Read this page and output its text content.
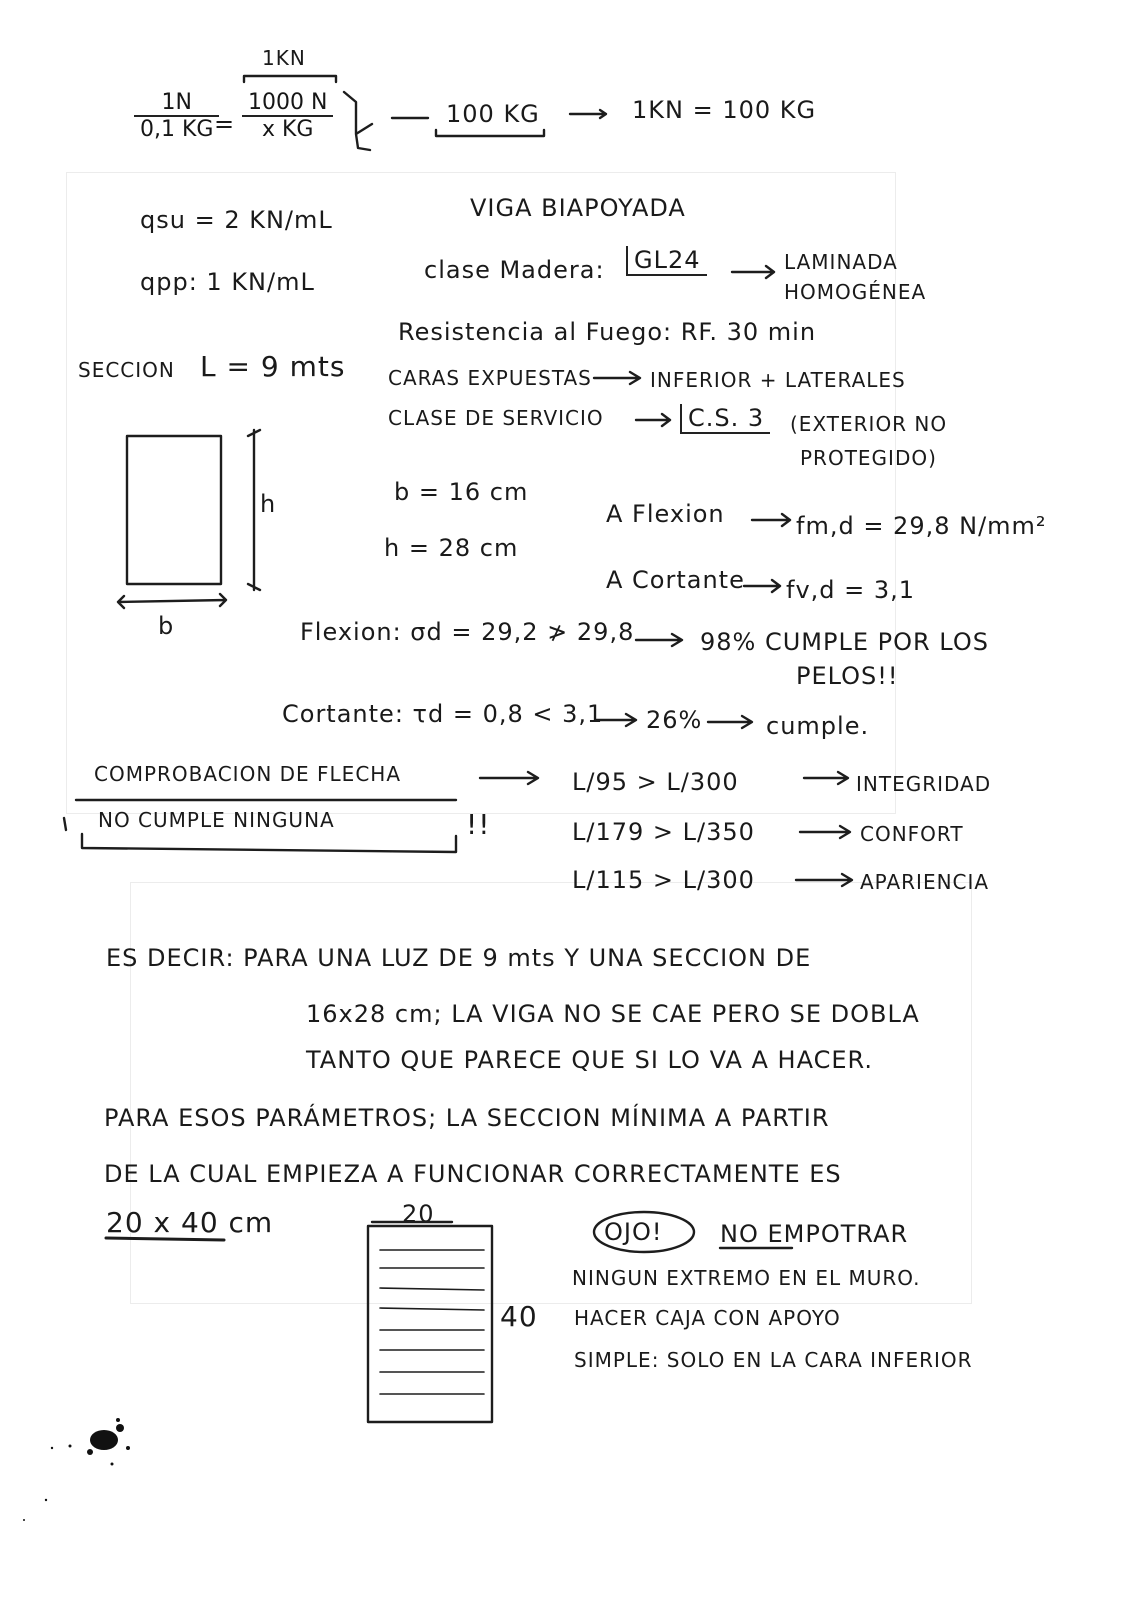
$\frac{1N}{0,1 KG}$
=
1KN
$\frac{1000 N}{\text{x KG}}$	100 KG	1KN = 100 KG
qsu = 2 KN/mL
qpp: 1 KN/mL
VIGA BIAPOYADA
clase Madera:	GL24	LAMINADA
HOMOGÉNEA
Resistencia al Fuego: RF. 30 min
CARAS EXPUESTAS	INFERIOR + LATERALES
CLASE DE SERVICIO	C.S. 3	(EXTERIOR NO
PROTEGIDO)
SECCION L = 9 mts
h
b
b = 16 cm
h = 28 cm
A Flexion	fm,d = 29,8 N/mm²
A Cortante fv,d = 3,1
Flexion: σd = 29,2 ≯ 29,8	98% CUMPLE POR LOS
PELOS!!
Cortante: τd = 0,8 < 3,1 26%	cumple.
COMPROBACION DE FLECHA	L/95 > L/300	INTEGRIDAD
L/179 > L/350	CONFORT
L/115 > L/300	APARIENCIA
NO CUMPLE NINGUNA	!!
ES DECIR: PARA UNA LUZ DE 9 mts Y UNA SECCION DE
16x28 cm; LA VIGA NO SE CAE PERO SE DOBLA
TANTO QUE PARECE QUE SI LO VA A HACER.
PARA ESOS PARÁMETROS; LA SECCION MÍNIMA A PARTIR
DE LA CUAL EMPIEZA A FUNCIONAR CORRECTAMENTE ES
20 x 40 cm	20
40
OJO! NO EMPOTRAR
NINGUN EXTREMO EN EL MURO.
HACER CAJA CON APOYO
SIMPLE: SOLO EN LA CARA INFERIOR
